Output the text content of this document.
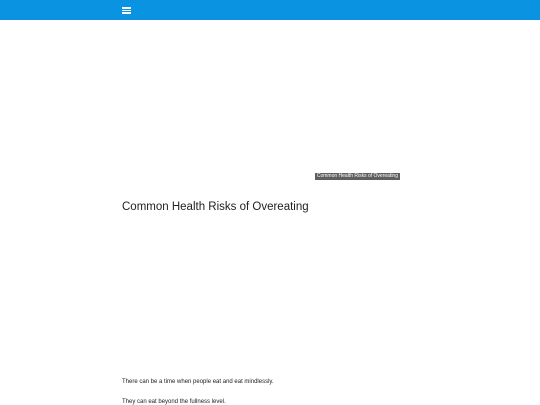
Common Health Risks of Overeating
Common Health Risks of Overeating

There can be a time when people eat and eat mindlessly.

They can eat beyond the fullness level.
